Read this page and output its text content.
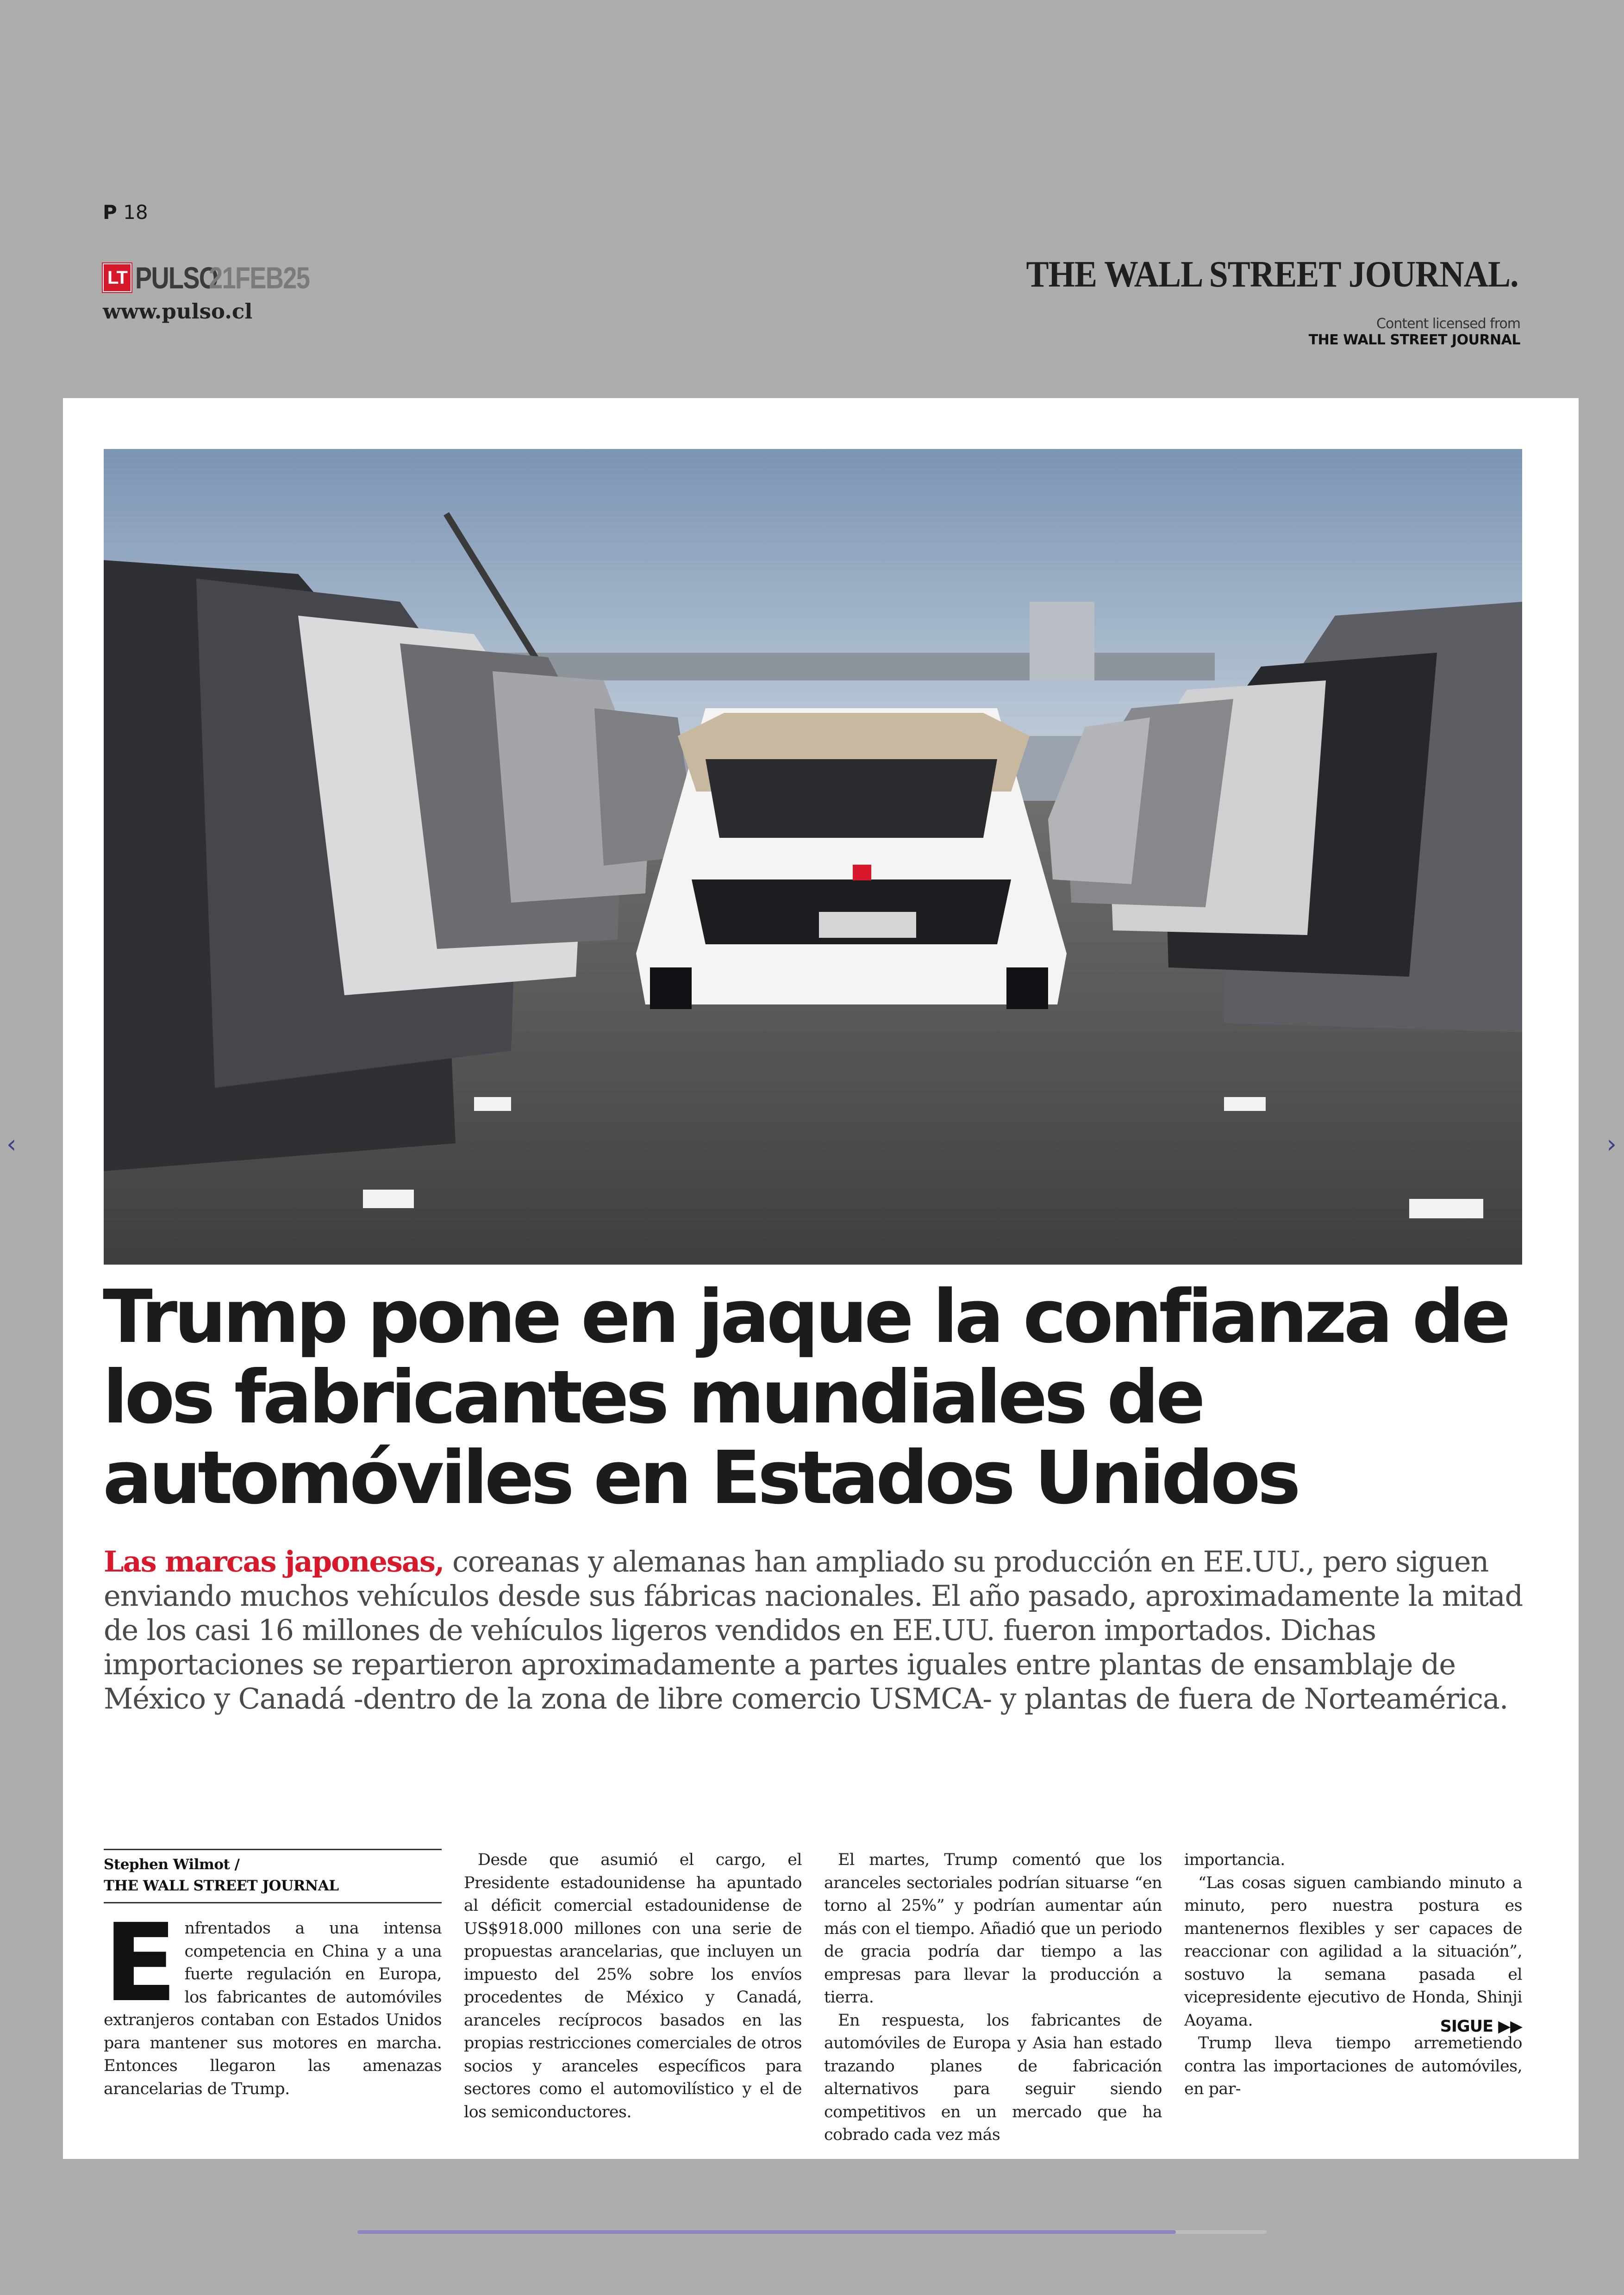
P 18
LT PULSO
21FEB25
www.pulso.cl
THE WALL STREET JOURNAL.
Content licensed from
THE WALL STREET JOURNAL
‹	›
Trump pone en jaque la confianza de los fabricantes mundiales de automóviles en Estados Unidos

Las marcas japonesas, coreanas y alemanas han ampliado su producción en EE.UU., pero siguen enviando muchos vehículos desde sus fábricas nacionales. El año pasado, aproximadamente la mitad de los casi 16 millones de vehículos ligeros vendidos en EE.UU. fueron importados. Dichas importaciones se repartieron aproximadamente a partes iguales entre plantas de ensamblaje de México y Canadá -dentro de la zona de libre comercio USMCA- y plantas de fuera de Norteamérica.

Stephen Wilmot /
THE WALL STREET JOURNAL

Enfrentados a una intensa competencia en China y a una fuerte regulación en Europa, los fabricantes de automóviles extranjeros contaban con Estados Unidos para mantener sus motores en marcha. Entonces llegaron las amenazas arancelarias de Trump.

Desde que asumió el cargo, el Presidente estadounidense ha apuntado al déficit comercial estadounidense de US$918.000 millones con una serie de propuestas arancelarias, que incluyen un impuesto del 25% sobre los envíos procedentes de México y Canadá, aranceles recíprocos basados en las propias restricciones comerciales de otros socios y aranceles específicos para sectores como el automovilístico y el de los semiconductores.

El martes, Trump comentó que los aranceles sectoriales podrían situarse “en torno al 25%” y podrían aumentar aún más con el tiempo. Añadió que un periodo de gracia podría dar tiempo a las empresas para llevar la producción a tierra.

En respuesta, los fabricantes de automóviles de Europa y Asia han estado trazando planes de fabricación alternativos para seguir siendo competitivos en un mercado que ha cobrado cada vez más

importancia.

“Las cosas siguen cambiando minuto a minuto, pero nuestra postura es mantenernos flexibles y ser capaces de reaccionar con agilidad a la situación”, sostuvo la semana pasada el vicepresidente ejecutivo de Honda, Shinji Aoyama.

Trump lleva tiempo arremetiendo contra las importaciones de automóviles, en par-

SIGUE ▶▶
